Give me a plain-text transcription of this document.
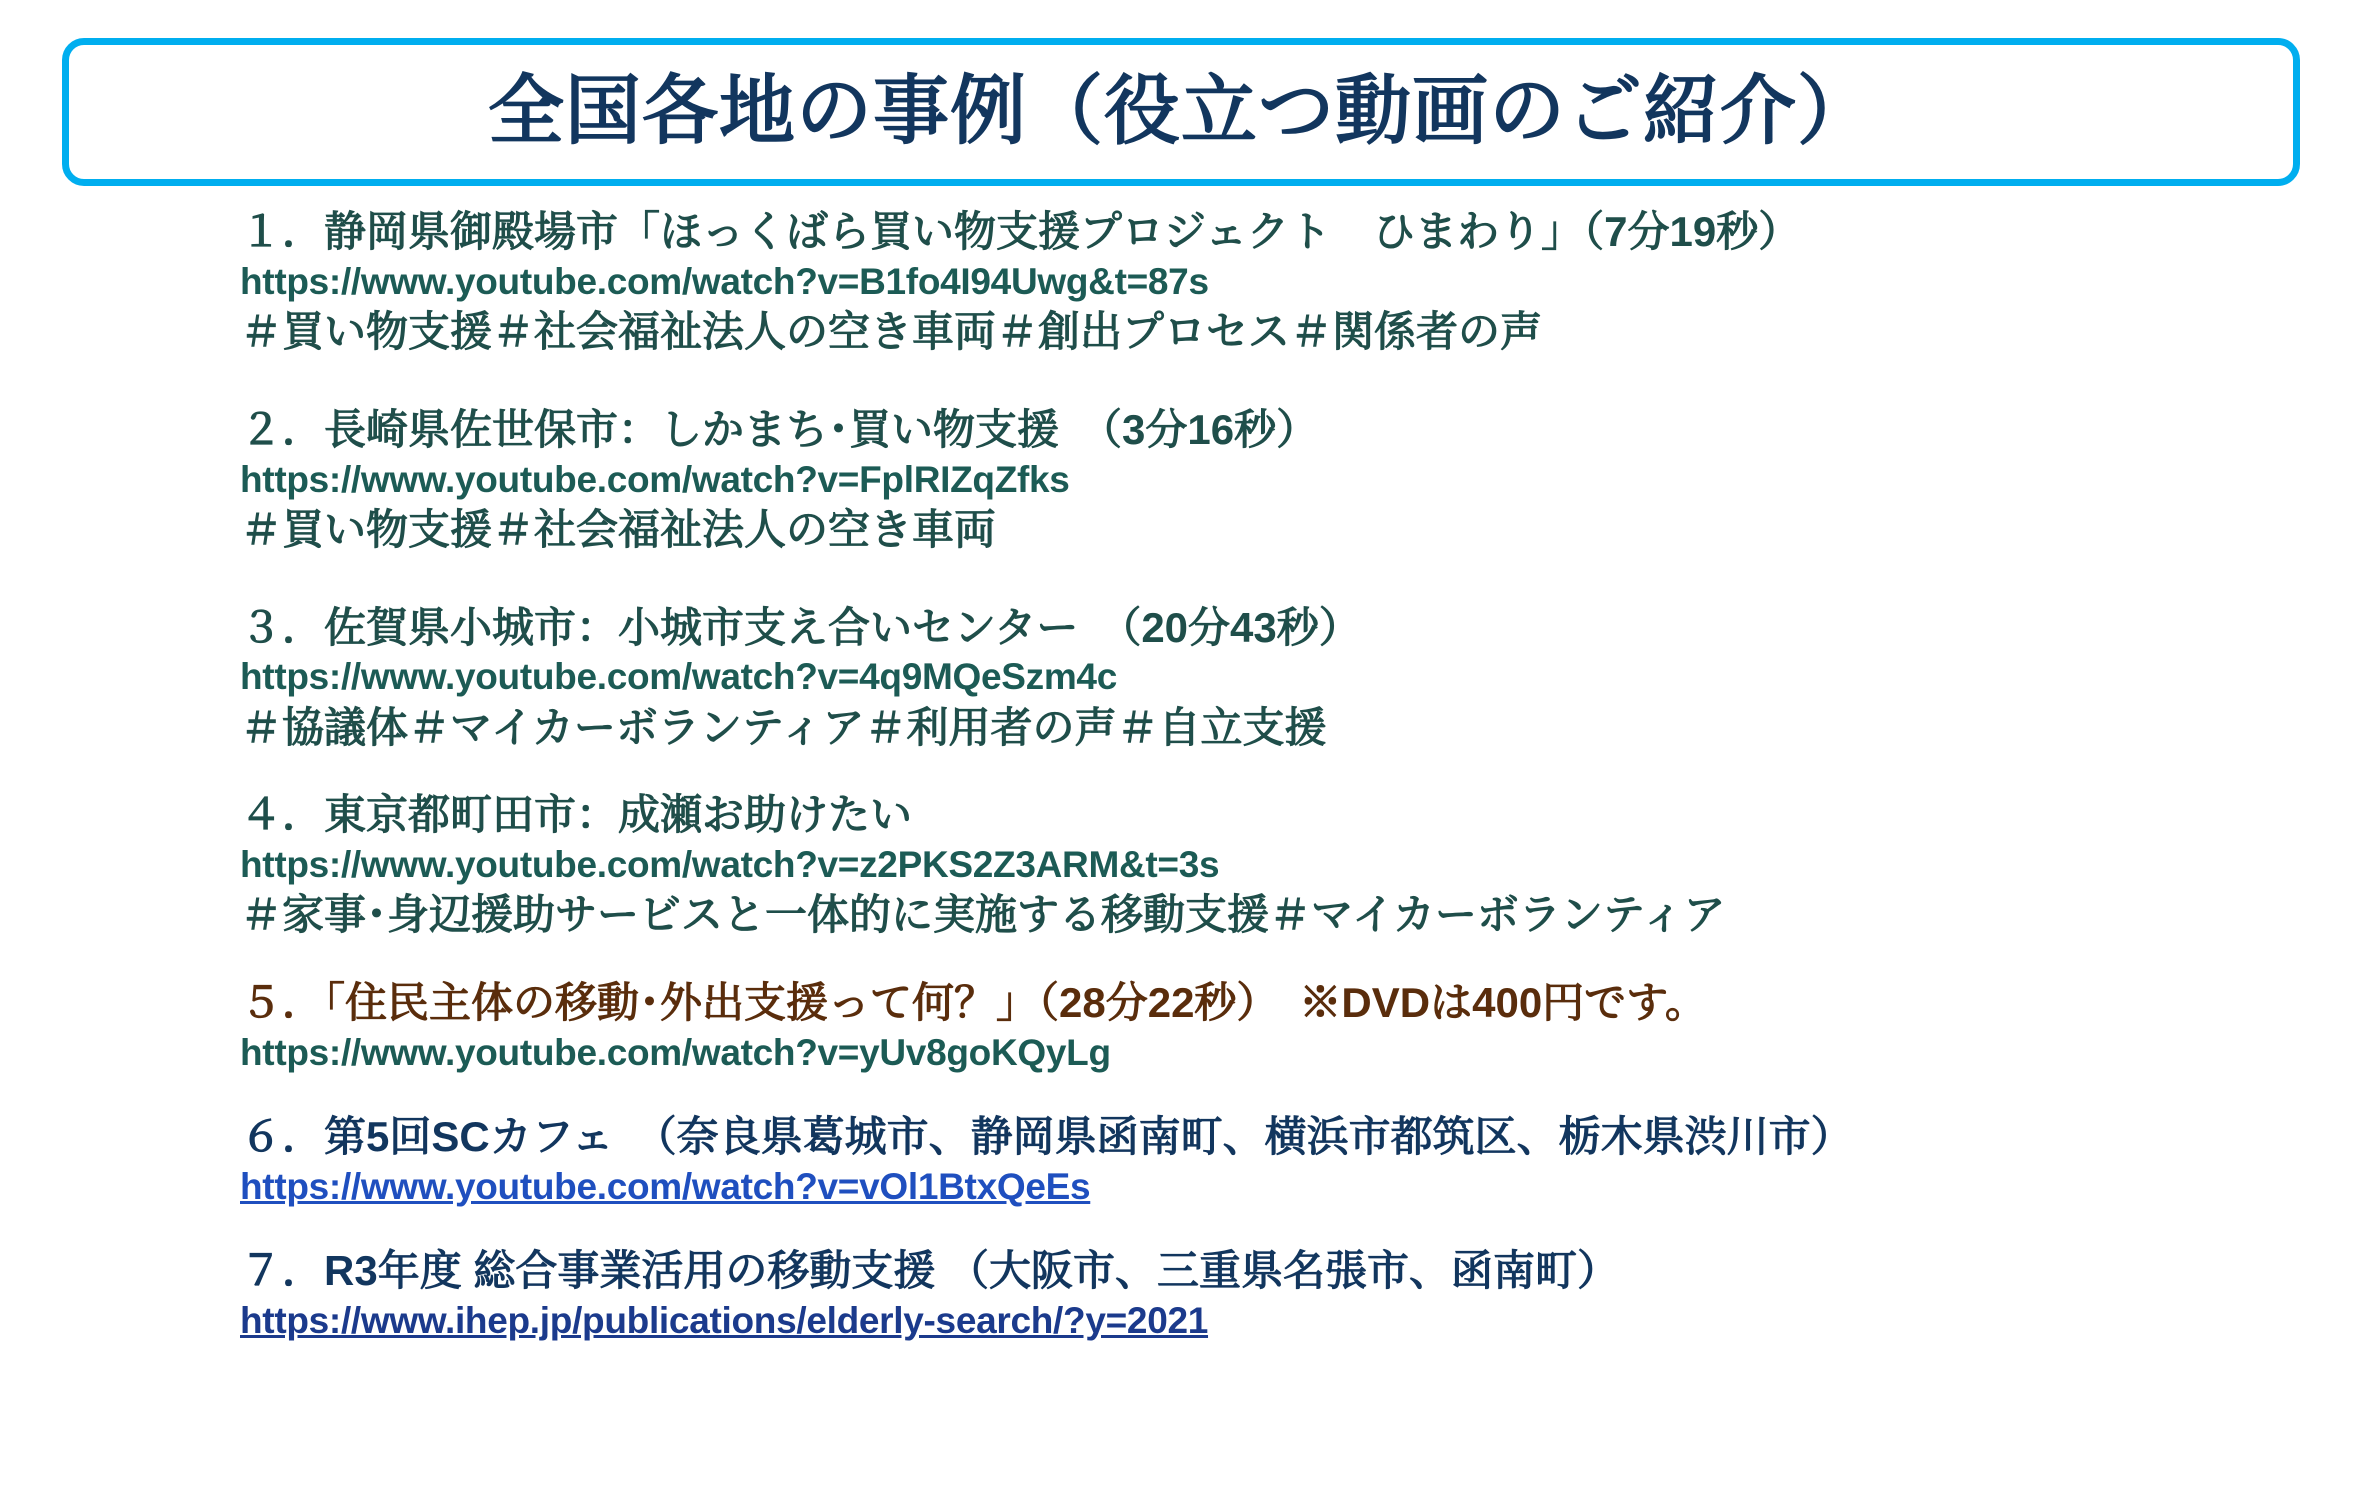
全国各地の事例（役立つ動画のご紹介）
１．静岡県御殿場市「ほっくばら買い物支援プロジェクト　ひまわり」（7分19秒）
https://www.youtube.com/watch?v=B1fo4I94Uwg&t=87s
＃買い物支援＃社会福祉法人の空き車両＃創出プロセス＃関係者の声
２．長崎県佐世保市：しかまち･買い物支援　（3分16秒）
https://www.youtube.com/watch?v=FplRIZqZfks
＃買い物支援＃社会福祉法人の空き車両
３．佐賀県小城市：小城市支え合いセンター　（20分43秒）
https://www.youtube.com/watch?v=4q9MQeSzm4c
＃協議体＃マイカーボランティア＃利用者の声＃自立支援
４．東京都町田市：成瀬お助けたい
https://www.youtube.com/watch?v=z2PKS2Z3ARM&t=3s
＃家事･身辺援助サービスと一体的に実施する移動支援＃マイカーボランティア
５．「住民主体の移動･外出支援って何？」（28分22秒）　※DVDは400円です。
https://www.youtube.com/watch?v=yUv8goKQyLg
６．第5回SCカフェ　（奈良県葛城市、静岡県函南町、横浜市都筑区、栃木県渋川市）
https://www.youtube.com/watch?v=vOl1BtxQeEs
７．R3年度 総合事業活用の移動支援 （大阪市、三重県名張市、函南町）
https://www.ihep.jp/publications/elderly-search/?y=2021
